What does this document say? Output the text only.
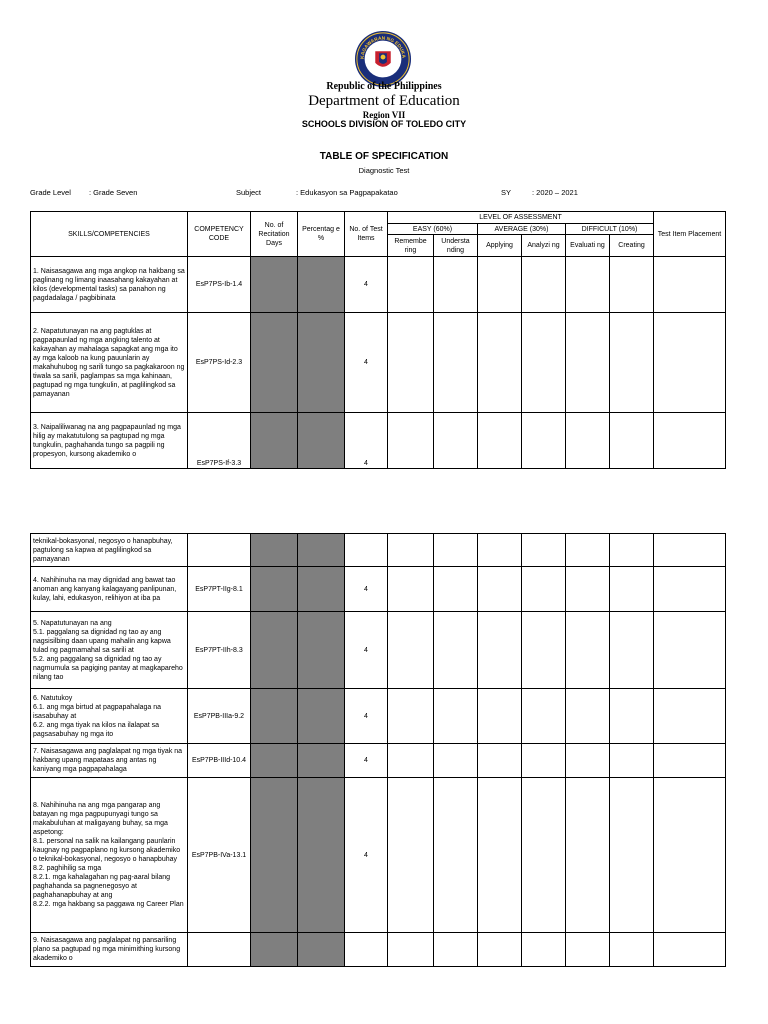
KAGAWARAN NG EDUKA
Republic of the Philippines
Department of Education
Region VII
SCHOOLS DIVISION OF TOLEDO CITY
TABLE OF SPECIFICATION
Diagnostic Test
Grade Level : Grade Seven	Subject	: Edukasyon sa Pagpapakatao	SY	: 2020 – 2021
SKILLS/COMPETENCIES	COMPETENCY CODE	No. of Recitation Days	Percentag e %	No. of Test Items	LEVEL OF ASSESSMENT						Test Item Placement
					EASY (60%)		AVERAGE (30%)		DIFFICULT (10%)		
					Remembe ring	Understa nding	Applying	Analyzi ng	Evaluati ng	Creating	
1. Naisasagawa ang mga angkop na hakbang sa paglinang ng limang inaasahang kakayahan at kilos (developmental tasks) sa panahon ng pagdadalaga / pagbibinata	EsP7PS-Ib-1.4			4							
2. Napatutunayan na ang pagtuklas at pagpapaunlad ng mga angking talento at kakayahan ay mahalaga sapagkat ang mga ito ay mga kaloob na kung pauunlarin ay makahuhubog ng sarili tungo sa pagkakaroon ng tiwala sa sarili, paglampas sa mga kahinaan, pagtupad ng mga tungkulin, at paglilingkod sa pamayanan	EsP7PS-Id-2.3			4							
3. Naipaliliwanag na ang pagpapaunlad ng mga hilig ay makatutulong sa pagtupad ng mga tungkulin, paghahanda tungo sa pagpili ng propesyon, kursong akademiko o	EsP7PS-If-3.3			4							
teknikal-bokasyonal, negosyo o hanapbuhay, pagtulong sa kapwa at paglilingkod sa pamayanan											
4. Nahihinuha na may dignidad ang bawat tao anoman ang kanyang kalagayang panlipunan, kulay, lahi, edukasyon, relihiyon at iba pa	EsP7PT-IIg-8.1			4							
5. Napatutunayan na ang
5.1. paggalang sa dignidad ng tao ay ang nagsisilbing daan upang mahalin ang kapwa tulad ng pagmamahal sa sarili at
5.2. ang paggalang sa dignidad ng tao ay nagmumula sa pagiging pantay at magkapareho nilang tao	EsP7PT-IIh-8.3			4							
6. Natutukoy
6.1. ang mga birtud at pagpapahalaga na isasabuhay at
6.2. ang mga tiyak na kilos na ilalapat sa pagsasabuhay ng mga ito	EsP7PB-IIIa-9.2			4							
7. Naisasagawa ang paglalapat ng mga tiyak na hakbang upang mapataas ang antas ng kaniyang mga pagpapahalaga	EsP7PB-IIId-10.4			4							
8. Nahihinuha na ang mga pangarap ang batayan ng mga pagpupunyagi tungo sa makabuluhan at maligayang buhay, sa mga aspetong:
8.1. personal na salik na kailangang paunlarin kaugnay ng pagpaplano ng kursong akademiko o teknikal-bokasyonal, negosyo o hanapbuhay
8.2. paghihilig sa mga
8.2.1. mga kahalagahan ng pag-aaral bilang paghahanda sa pagnenegosyo at paghahanapbuhay at ang
8.2.2. mga hakbang sa paggawa ng Career Plan	EsP7PB-IVa-13.1			4							
9. Naisasagawa ang paglalapat ng pansariling plano sa pagtupad ng mga minimithing kursong akademiko o											
